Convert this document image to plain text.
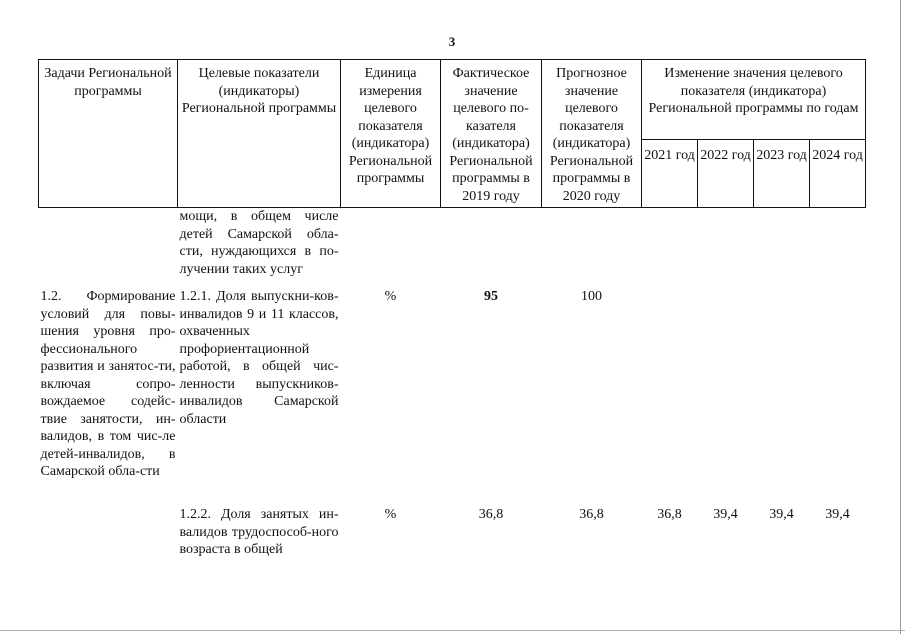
3
Задачи Региональной программы	Целевые показатели (индикаторы) Региональной программы	Единица измерения целевого показателя (индикатора) Региональной программы	Фактическое значение целевого по-казателя (индикатора) Региональной программы в 2019 году	Прогнозное значение целевого показателя (индикатора) Региональной программы в 2020 году	Изменение значения целевого показателя (индикатора) Региональной программы по годам			
					2021 год	2022 год	2023 год	2024 год
	мощи, в общем числе детей Самарской обла-сти, нуждающихся в по-лучении таких услуг							
1.2. Формирование условий для повы-шения уровня про-фессионального развития и занятос-ти, включая сопро-вождаемое содейс-твие занятости, ин-валидов, в том чис-ле детей-инвалидов, в Самарской обла-сти	1.2.1. Доля выпускни-ков-инвалидов 9 и 11 классов, охваченных профориентационной работой, в общей чис-ленности выпускников-инвалидов Самарской области	%	95	100				
	1.2.2. Доля занятых ин-валидов трудоспособ-ного возраста в общей	%	36,8	36,8	36,8	39,4	39,4	39,4
